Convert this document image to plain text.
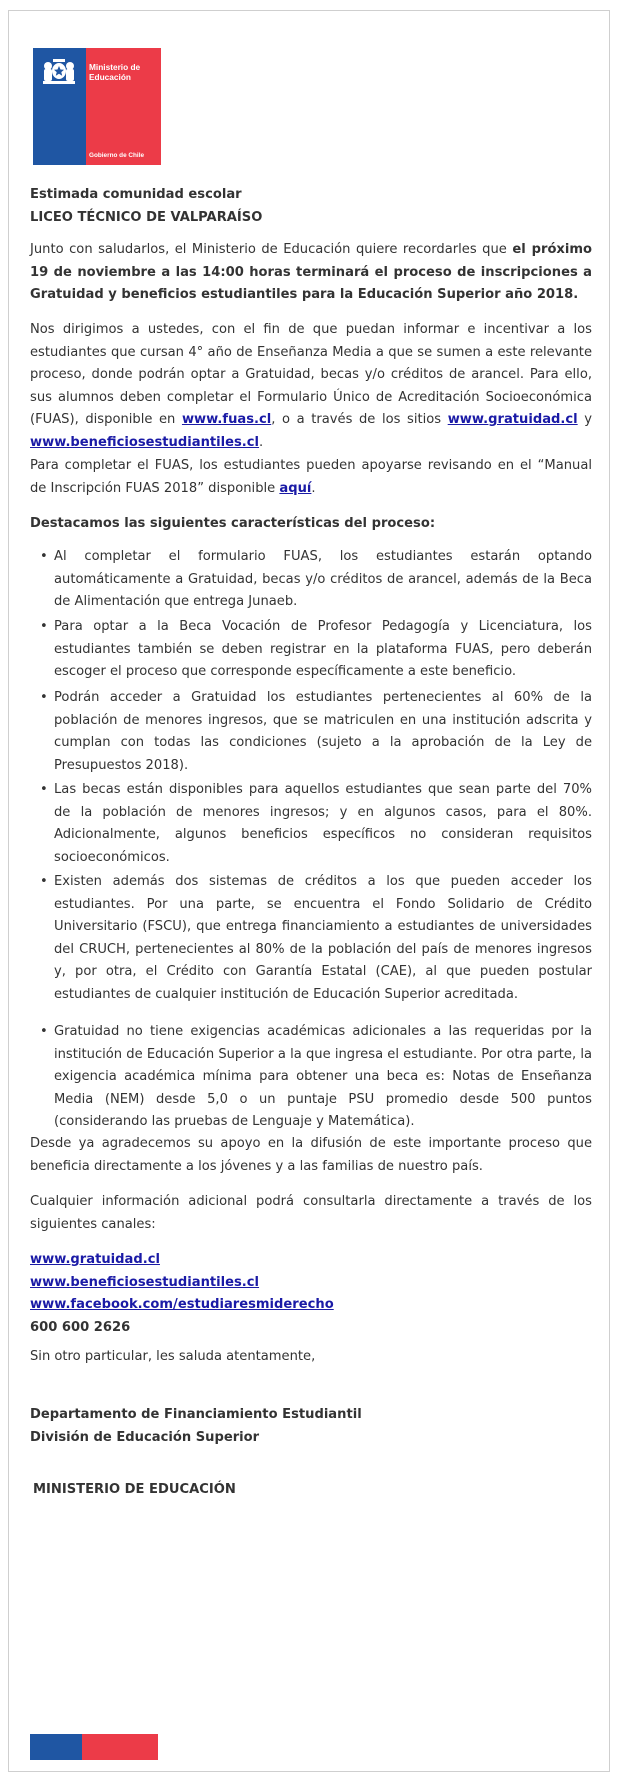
Ministerio de
Educación
Gobierno de Chile
Estimada comunidad escolar
LICEO TÉCNICO DE VALPARAÍSO

Junto con saludarlos, el Ministerio de Educación quiere recordarles que el próximo 19 de noviembre a las 14:00 horas terminará el proceso de inscripciones a Gratuidad y beneficios estudiantiles para la Educación Superior año 2018.

Nos dirigimos a ustedes, con el fin de que puedan informar e incentivar a los estudiantes que cursan 4° año de Enseñanza Media a que se sumen a este relevante proceso, donde podrán optar a Gratuidad, becas y/o créditos de arancel. Para ello, sus alumnos deben completar el Formulario Único de Acreditación Socioeconómica (FUAS), disponible en www.fuas.cl, o a través de los sitios www.gratuidad.cl y www.beneficiosestudiantiles.cl.

Para completar el FUAS, los estudiantes pueden apoyarse revisando en el “Manual de Inscripción FUAS 2018” disponible aquí.

Destacamos las siguientes características del proceso:

• Al completar el formulario FUAS, los estudiantes estarán optando automáticamente a Gratuidad, becas y/o créditos de arancel, además de la Beca de Alimentación que entrega Junaeb.
• Para optar a la Beca Vocación de Profesor Pedagogía y Licenciatura, los estudiantes también se deben registrar en la plataforma FUAS, pero deberán escoger el proceso que corresponde específicamente a este beneficio.
• Podrán acceder a Gratuidad los estudiantes pertenecientes al 60% de la población de menores ingresos, que se matriculen en una institución adscrita y cumplan con todas las condiciones (sujeto a la aprobación de la Ley de Presupuestos 2018).
• Las becas están disponibles para aquellos estudiantes que sean parte del 70% de la población de menores ingresos; y en algunos casos, para el 80%. Adicionalmente, algunos beneficios específicos no consideran requisitos socioeconómicos.
• Existen además dos sistemas de créditos a los que pueden acceder los estudiantes. Por una parte, se encuentra el Fondo Solidario de Crédito Universitario (FSCU), que entrega financiamiento a estudiantes de universidades del CRUCH, pertenecientes al 80% de la población del país de menores ingresos y, por otra, el Crédito con Garantía Estatal (CAE), al que pueden postular estudiantes de cualquier institución de Educación Superior acreditada.
• Gratuidad no tiene exigencias académicas adicionales a las requeridas por la institución de Educación Superior a la que ingresa el estudiante. Por otra parte, la exigencia académica mínima para obtener una beca es: Notas de Enseñanza Media (NEM) desde 5,0 o un puntaje PSU promedio desde 500 puntos (considerando las pruebas de Lenguaje y Matemática).

Desde ya agradecemos su apoyo en la difusión de este importante proceso que beneficia directamente a los jóvenes y a las familias de nuestro país.

Cualquier información adicional podrá consultarla directamente a través de los siguientes canales:

www.gratuidad.cl
www.beneficiosestudiantiles.cl
www.facebook.com/estudiaresmiderecho
600 600 2626

Sin otro particular, les saluda atentamente,

Departamento de Financiamiento Estudiantil
División de Educación Superior

MINISTERIO DE EDUCACIÓN
